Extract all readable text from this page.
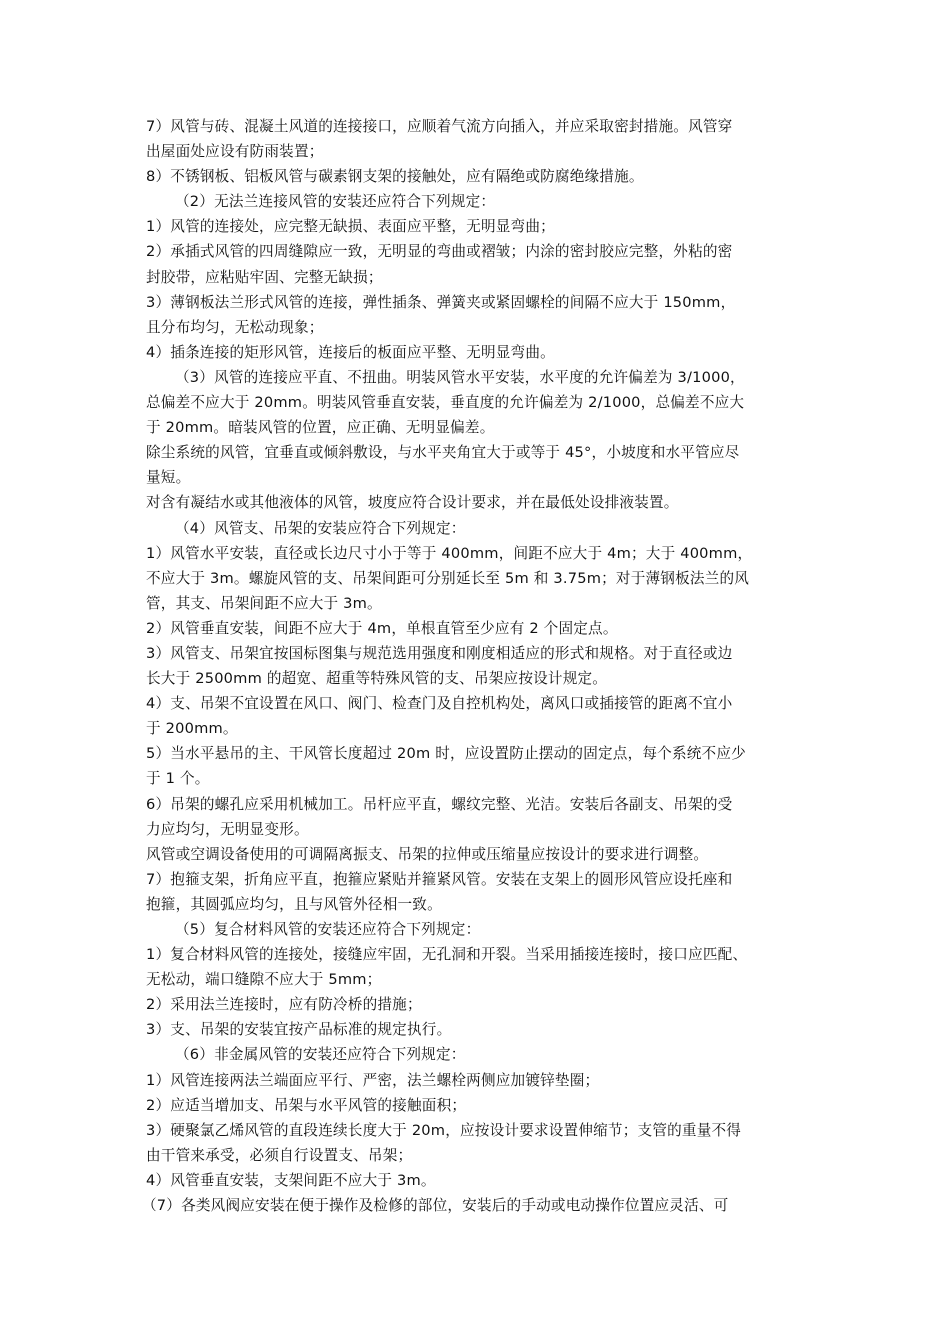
7）风管与砖、混凝土风道的连接接口，应顺着气流方向插入，并应采取密封措施。风管穿
出屋面处应设有防雨装置；
8）不锈钢板、铝板风管与碳素钢支架的接触处，应有隔绝或防腐绝缘措施。
（2）无法兰连接风管的安装还应符合下列规定：
1）风管的连接处，应完整无缺损、表面应平整，无明显弯曲；
2）承插式风管的四周缝隙应一致，无明显的弯曲或褶皱；内涂的密封胶应完整，外粘的密
封胶带，应粘贴牢固、完整无缺损；
3）薄钢板法兰形式风管的连接，弹性插条、弹簧夹或紧固螺栓的间隔不应大于 150mm，
且分布均匀，无松动现象；
4）插条连接的矩形风管，连接后的板面应平整、无明显弯曲。
（3）风管的连接应平直、不扭曲。明装风管水平安装，水平度的允许偏差为 3/1000，
总偏差不应大于 20mm。明装风管垂直安装，垂直度的允许偏差为 2/1000，总偏差不应大
于 20mm。暗装风管的位置，应正确、无明显偏差。
除尘系统的风管，宜垂直或倾斜敷设，与水平夹角宜大于或等于 45°，小坡度和水平管应尽
量短。
对含有凝结水或其他液体的风管，坡度应符合设计要求，并在最低处设排液装置。
（4）风管支、吊架的安装应符合下列规定：
1）风管水平安装，直径或长边尺寸小于等于 400mm，间距不应大于 4m；大于 400mm，
不应大于 3m。螺旋风管的支、吊架间距可分别延长至 5m 和 3.75m；对于薄钢板法兰的风
管，其支、吊架间距不应大于 3m。
2）风管垂直安装，间距不应大于 4m，单根直管至少应有 2 个固定点。
3）风管支、吊架宜按国标图集与规范选用强度和刚度相适应的形式和规格。对于直径或边
长大于 2500mm 的超宽、超重等特殊风管的支、吊架应按设计规定。
4）支、吊架不宜设置在风口、阀门、检查门及自控机构处，离风口或插接管的距离不宜小
于 200mm。
5）当水平悬吊的主、干风管长度超过 20m 时，应设置防止摆动的固定点，每个系统不应少
于 1 个。
6）吊架的螺孔应采用机械加工。吊杆应平直，螺纹完整、光洁。安装后各副支、吊架的受
力应均匀，无明显变形。
风管或空调设备使用的可调隔离振支、吊架的拉伸或压缩量应按设计的要求进行调整。
7）抱箍支架，折角应平直，抱箍应紧贴并箍紧风管。安装在支架上的圆形风管应设托座和
抱箍，其圆弧应均匀，且与风管外径相一致。
（5）复合材料风管的安装还应符合下列规定：
1）复合材料风管的连接处，接缝应牢固，无孔洞和开裂。当采用插接连接时，接口应匹配、
无松动，端口缝隙不应大于 5mm；
2）采用法兰连接时，应有防冷桥的措施；
3）支、吊架的安装宜按产品标准的规定执行。
（6）非金属风管的安装还应符合下列规定：
1）风管连接两法兰端面应平行、严密，法兰螺栓两侧应加镀锌垫圈；
2）应适当增加支、吊架与水平风管的接触面积；
3）硬聚氯乙烯风管的直段连续长度大于 20m，应按设计要求设置伸缩节；支管的重量不得
由干管来承受，必须自行设置支、吊架；
4）风管垂直安装，支架间距不应大于 3m。
（7）各类风阀应安装在便于操作及检修的部位，安装后的手动或电动操作位置应灵活、可
